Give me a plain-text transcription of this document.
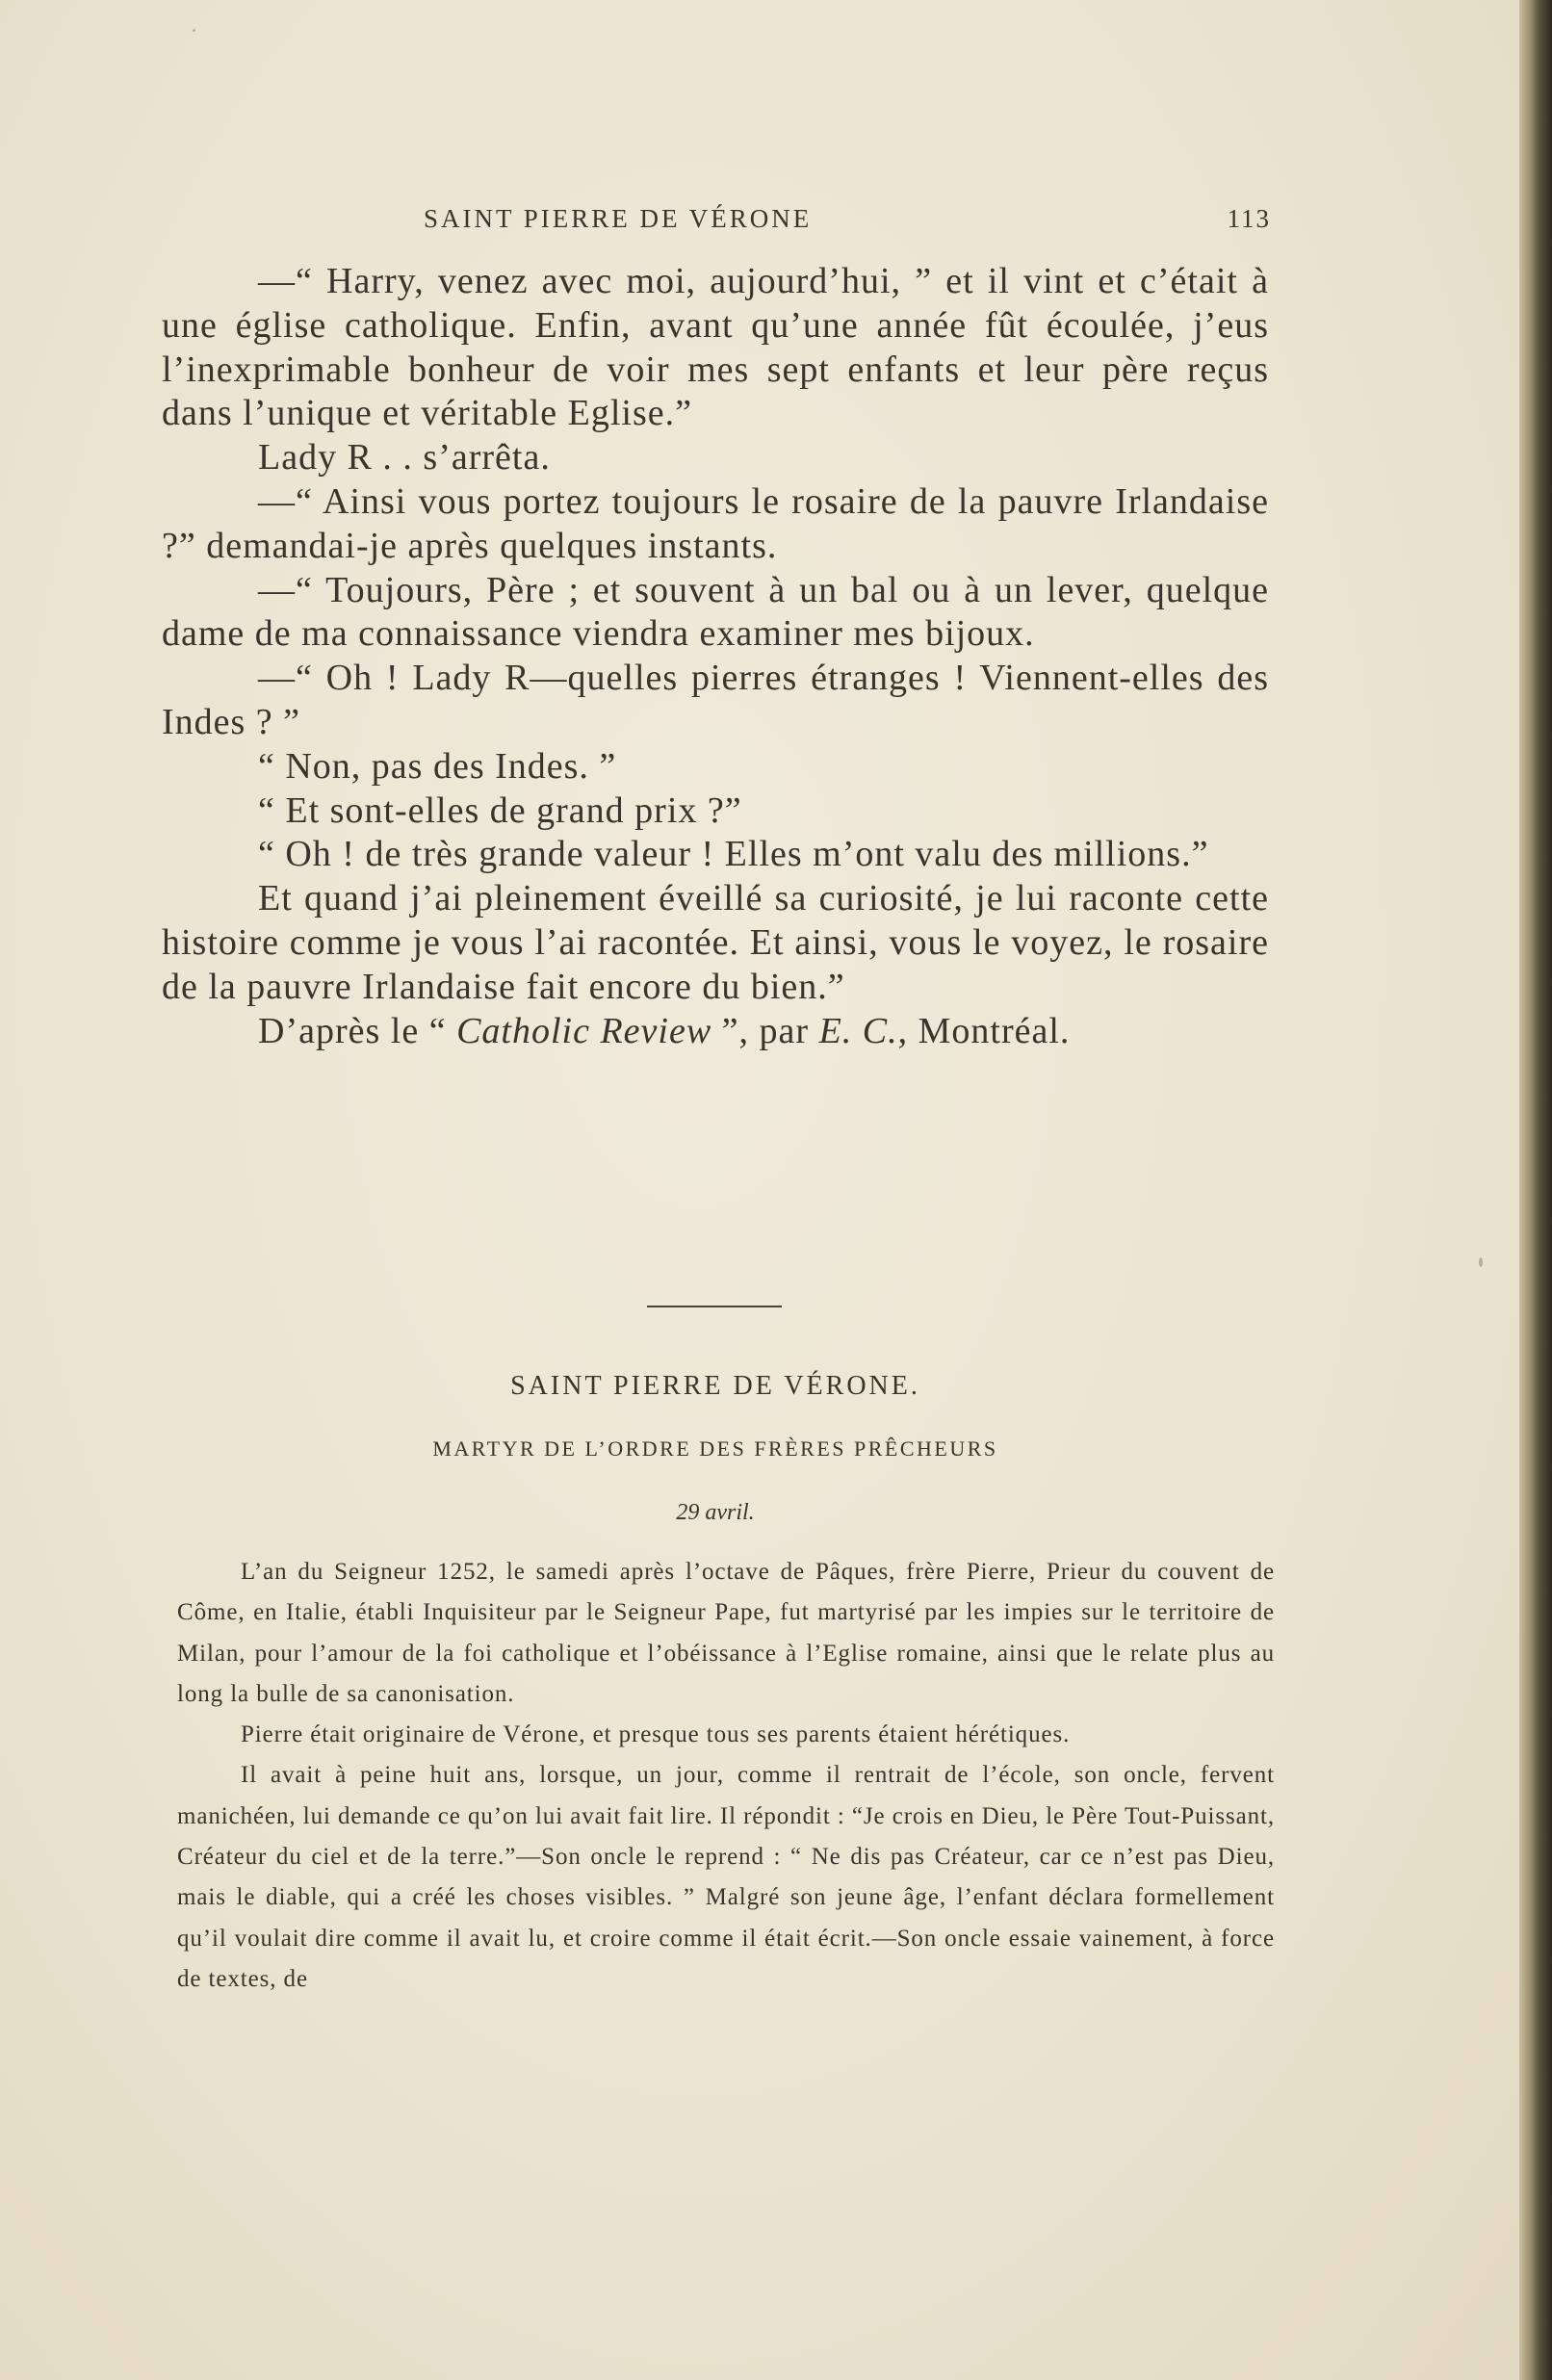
SAINT PIERRE DE VÉRONE	113

—“ Harry, venez avec moi, aujourd’hui, ” et il vint et c’était à une église catholique. Enfin, avant qu’une année fût écoulée, j’eus l’inexprimable bonheur de voir mes sept enfants et leur père reçus dans l’unique et véritable Eglise.”

Lady R . . s’arrêta.

—“ Ainsi vous portez toujours le rosaire de la pauvre Irlandaise ?” demandai-je après quelques instants.

—“ Toujours, Père ; et souvent à un bal ou à un lever, quelque dame de ma connaissance viendra examiner mes bijoux.

—“ Oh ! Lady R—quelles pierres étranges ! Viennent-elles des Indes ? ”

“ Non, pas des Indes. ”

“ Et sont-elles de grand prix ?”

“ Oh ! de très grande valeur ! Elles m’ont valu des millions.”

Et quand j’ai pleinement éveillé sa curiosité, je lui raconte cette histoire comme je vous l’ai racontée. Et ainsi, vous le voyez, le rosaire de la pauvre Irlandaise fait encore du bien.”

D’après le “ Catholic Review ”, par E. C., Montréal.

SAINT PIERRE DE VÉRONE.
MARTYR DE L’ORDRE DES FRÈRES PRÊCHEURS
29 avril.

L’an du Seigneur 1252, le samedi après l’octave de Pâques, frère Pierre, Prieur du couvent de Côme, en Italie, établi Inquisiteur par le Seigneur Pape, fut martyrisé par les impies sur le territoire de Milan, pour l’amour de la foi catholique et l’obéissance à l’Eglise romaine, ainsi que le relate plus au long la bulle de sa canonisation.

Pierre était originaire de Vérone, et presque tous ses parents étaient hérétiques.

Il avait à peine huit ans, lorsque, un jour, comme il rentrait de l’école, son oncle, fervent manichéen, lui demande ce qu’on lui avait fait lire. Il répondit : “Je crois en Dieu, le Père Tout-Puissant, Créateur du ciel et de la terre.”—Son oncle le reprend : “ Ne dis pas Créateur, car ce n’est pas Dieu, mais le diable, qui a créé les choses visibles. ” Malgré son jeune âge, l’enfant déclara formellement qu’il voulait dire comme il avait lu, et croire comme il était écrit.—Son oncle essaie vainement, à force de textes, de
